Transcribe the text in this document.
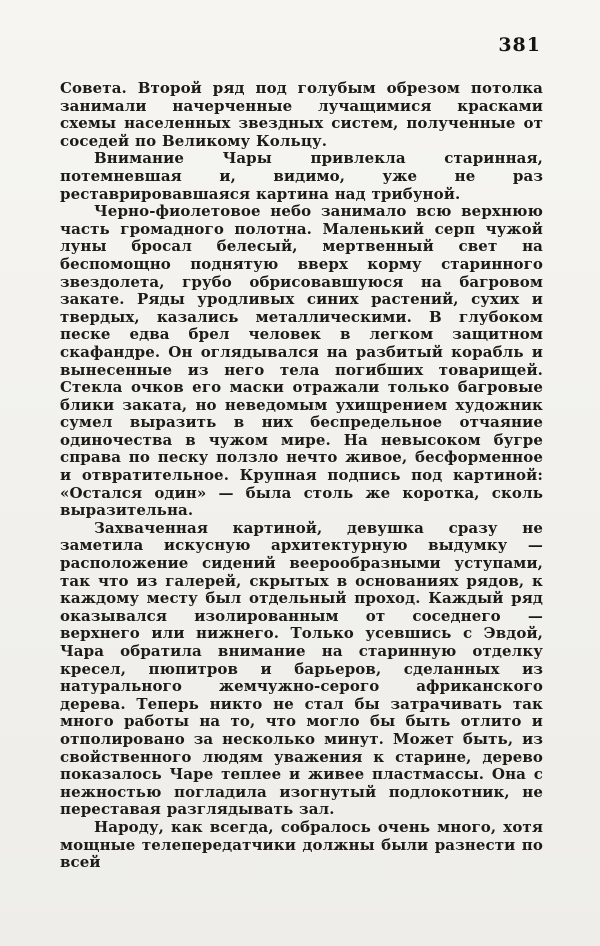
381

Совета. Второй ряд под голубым обрезом потолка занимали начерченные лучащимися красками схемы населенных звездных систем, полученные от соседей по Великому Кольцу.

Внимание Чары привлекла старинная, потемневшая и, видимо, уже не раз реставрировавшаяся картина над трибуной.

Черно-фиолетовое небо занимало всю верхнюю часть громадного полотна. Маленький серп чужой луны бросал белесый, мертвенный свет на беспомощно поднятую вверх корму старинного звездолета, грубо обрисовавшуюся на багровом закате. Ряды уродливых синих растений, сухих и твердых, казались металлическими. В глубоком песке едва брел человек в легком защитном скафандре. Он оглядывался на разбитый корабль и вынесенные из него тела погибших товарищей. Стекла очков его маски отражали только багровые блики заката, но неведомым ухищрением художник сумел выразить в них беспредельное отчаяние одиночества в чужом мире. На невысоком бугре справа по песку ползло нечто живое, бесформенное и отвратительное. Крупная подпись под картиной: «Остался один» — была столь же коротка, сколь выразительна.

Захваченная картиной, девушка сразу не заметила искусную архитектурную выдумку — расположение сидений веерообразными уступами, так что из галерей, скрытых в основаниях рядов, к каждому месту был отдельный проход. Каждый ряд оказывался изолированным от соседнего — верхнего или нижнего. Только усевшись с Эвдой, Чара обратила внимание на старинную отделку кресел, пюпитров и барьеров, сделанных из натурального жемчужно-серого африканского дерева. Теперь никто не стал бы затрачивать так много работы на то, что могло бы быть отлито и отполировано за несколько минут. Может быть, из свойственного людям уважения к старине, дерево показалось Чаре теплее и живее пластмассы. Она с нежностью погладила изогнутый подлокотник, не переставая разглядывать зал.

Народу, как всегда, собралось очень много, хотя мощные телепередатчики должны были разнести по всей
